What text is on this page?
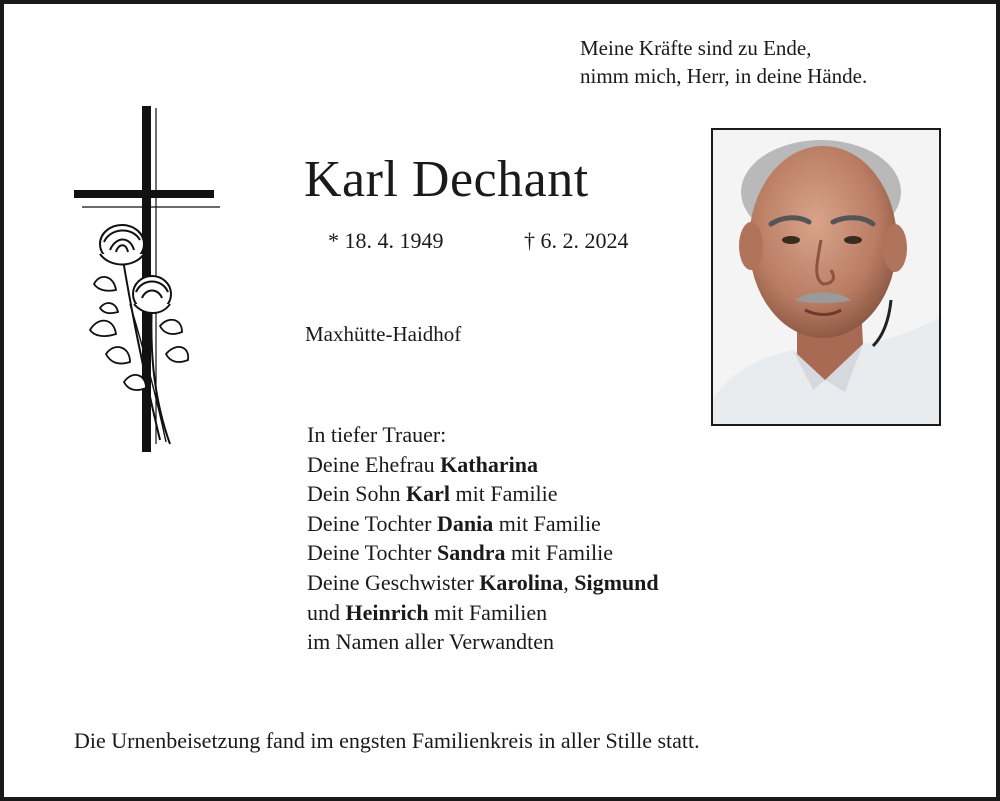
Meine Kräfte sind zu Ende,
nimm mich, Herr, in deine Hände.
Karl Dechant
* 18. 4. 1949	† 6. 2. 2024
Maxhütte-Haidhof
In tiefer Trauer:
Deine Ehefrau Katharina
Dein Sohn Karl mit Familie
Deine Tochter Dania mit Familie
Deine Tochter Sandra mit Familie
Deine Geschwister Karolina, Sigmund
und Heinrich mit Familien
im Namen aller Verwandten
Die Urnenbeisetzung fand im engsten Familienkreis in aller Stille statt.
